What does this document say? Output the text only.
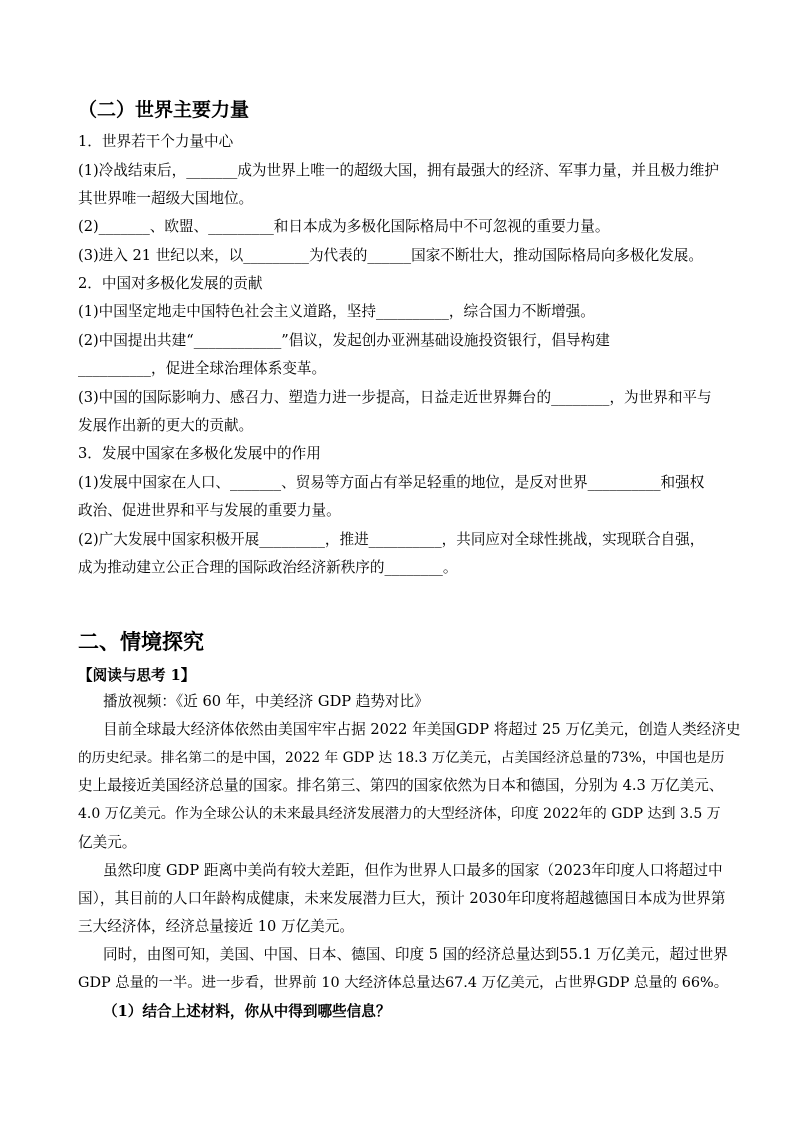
（二）世界主要力量
1．世界若干个力量中心
(1)冷战结束后，_______成为世界上唯一的超级大国，拥有最强大的经济、军事力量，并且极力维护
其世界唯一超级大国地位。
(2)_______、欧盟、_________和日本成为多极化国际格局中不可忽视的重要力量。
(3)进入 21 世纪以来，以_________为代表的______国家不断壮大，推动国际格局向多极化发展。
2．中国对多极化发展的贡献
(1)中国坚定地走中国特色社会主义道路，坚持__________，综合国力不断增强。
(2)中国提出共建“____________”倡议，发起创办亚洲基础设施投资银行，倡导构建
__________，促进全球治理体系变革。
(3)中国的国际影响力、感召力、塑造力进一步提高，日益走近世界舞台的________，为世界和平与
发展作出新的更大的贡献。
3．发展中国家在多极化发展中的作用
(1)发展中国家在人口、_______、贸易等方面占有举足轻重的地位，是反对世界__________和强权
政治、促进世界和平与发展的重要力量。
(2)广大发展中国家积极开展_________，推进__________，共同应对全球性挑战，实现联合自强，
成为推动建立公正合理的国际政治经济新秩序的________。
二、情境探究
【阅读与思考 1】
播放视频：《近 60 年，中美经济 GDP 趋势对比》
目前全球最大经济体依然由美国牢牢占据 2022 年美国GDP 将超过 25 万亿美元，创造人类经济史
的历史纪录。排名第二的是中国，2022 年 GDP 达 18.3 万亿美元，占美国经济总量的73%，中国也是历
史上最接近美国经济总量的国家。排名第三、第四的国家依然为日本和德国，分别为 4.3 万亿美元、
4.0 万亿美元。作为全球公认的未来最具经济发展潜力的大型经济体，印度 2022年的 GDP 达到 3.5 万
亿美元。
虽然印度 GDP 距离中美尚有较大差距，但作为世界人口最多的国家（2023年印度人口将超过中
国），其目前的人口年龄构成健康，未来发展潜力巨大，预计 2030年印度将超越德国日本成为世界第
三大经济体，经济总量接近 10 万亿美元。
同时，由图可知，美国、中国、日本、德国、印度 5 国的经济总量达到55.1 万亿美元，超过世界
GDP 总量的一半。进一步看，世界前 10 大经济体总量达67.4 万亿美元，占世界GDP 总量的 66%。
（1）结合上述材料，你从中得到哪些信息？
